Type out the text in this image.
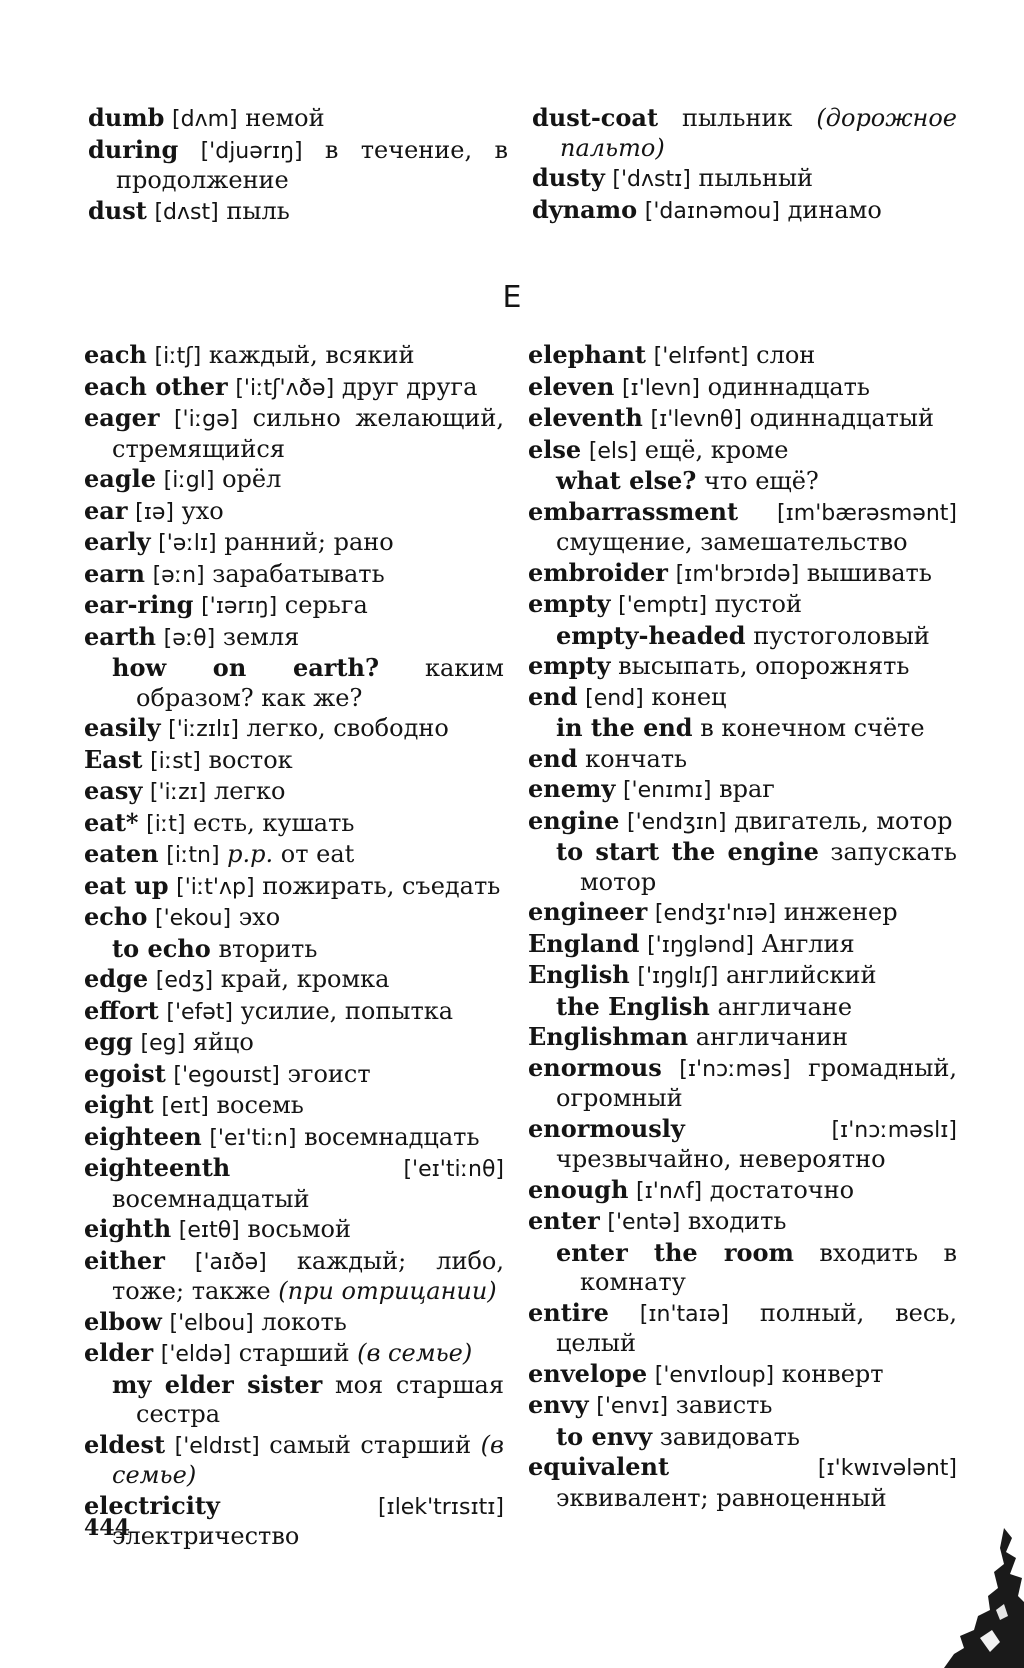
dumb [dʌm] немой
during ['djuərɪŋ] в течение, в продолжение
dust [dʌst] пыль
dust-coat пыльник (дорожное пальто)
dusty ['dʌstɪ] пыльный
dynamo ['daɪnəmou] динамо
E
each [iːtʃ] каждый, всякий
each other ['iːtʃ'ʌðə] друг друга
eager ['iːgə] сильно желающий, стремящийся
eagle [iːgl] орёл
ear [ɪə] ухо
early ['əːlɪ] ранний; рано
earn [əːn] зарабатывать
ear-ring ['ɪərɪŋ] серьга
earth [əːθ] земля
how on earth? каким образом? как же?
easily ['iːzɪlɪ] легко, свободно
East [iːst] восток
easy ['iːzɪ] легко
eat* [iːt] есть, кушать
eaten [iːtn] p.p. от eat
eat up ['iːt'ʌp] пожирать, съедать
echo ['ekou] эхо
to echo вторить
edge [edʒ] край, кромка
effort ['efət] усилие, попытка
egg [eg] яйцо
egoist ['egouɪst] эгоист
eight [eɪt] восемь
eighteen ['eɪ'tiːn] восемнадцать
eighteenth	['eɪ'tiːnθ] восемнадцатый
eighth [eɪtθ] восьмой
either ['aɪðə] каждый; либо, тоже; также (при отрицании)
elbow ['elbou] локоть
elder ['eldə] старший (в семье)
my elder sister моя старшая сестра
eldest ['eldɪst] самый старший (в семье)
electricity	[ɪlek'trɪsɪtɪ] электричество
elephant ['elɪfənt] слон
eleven [ɪ'levn] одиннадцать
eleventh [ɪ'levnθ] одиннадцатый
else [els] ещё, кроме
what else? что ещё?
embarrassment [ɪm'bærəsmənt] смущение, замешательство
embroider [ɪm'brɔɪdə] вышивать
empty ['emptɪ] пустой
empty-headed пустоголовый
empty высыпать, опорожнять
end [end] конец
in the end в конечном счёте
end кончать
enemy ['enɪmɪ] враг
engine ['endʒɪn] двигатель, мотор
to start the engine запускать мотор
engineer [endʒɪ'nɪə] инженер
England ['ɪŋglənd] Англия
English ['ɪŋglɪʃ] английский
the English англичане
Englishman англичанин
enormous [ɪ'nɔːməs] громадный, огромный
enormously	[ɪ'nɔːməslɪ] чрезвычайно, невероятно
enough [ɪ'nʌf] достаточно
enter ['entə] входить
enter the room входить в комнату
entire [ɪn'taɪə] полный, весь, целый
envelope ['envɪloup] конверт
envy ['envɪ] зависть
to envy завидовать
equivalent	[ɪ'kwɪvələnt] эквивалент; равноценный
444
